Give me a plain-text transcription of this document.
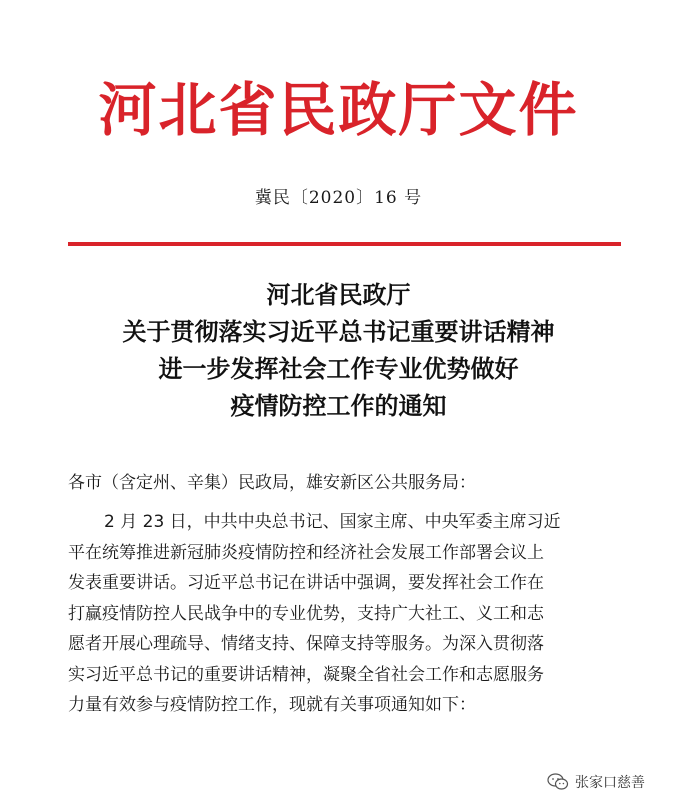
河北省民政厅文件
冀民〔2020〕16 号
河北省民政厅
关于贯彻落实习近平总书记重要讲话精神
进一步发挥社会工作专业优势做好
疫情防控工作的通知
各市（含定州、辛集）民政局，雄安新区公共服务局：
2 月 23 日，中共中央总书记、国家主席、中央军委主席习近
平在统筹推进新冠肺炎疫情防控和经济社会发展工作部署会议上
发表重要讲话。习近平总书记在讲话中强调，要发挥社会工作在
打赢疫情防控人民战争中的专业优势，支持广大社工、义工和志
愿者开展心理疏导、情绪支持、保障支持等服务。为深入贯彻落
实习近平总书记的重要讲话精神，凝聚全省社会工作和志愿服务
力量有效参与疫情防控工作，现就有关事项通知如下：
张家口慈善
